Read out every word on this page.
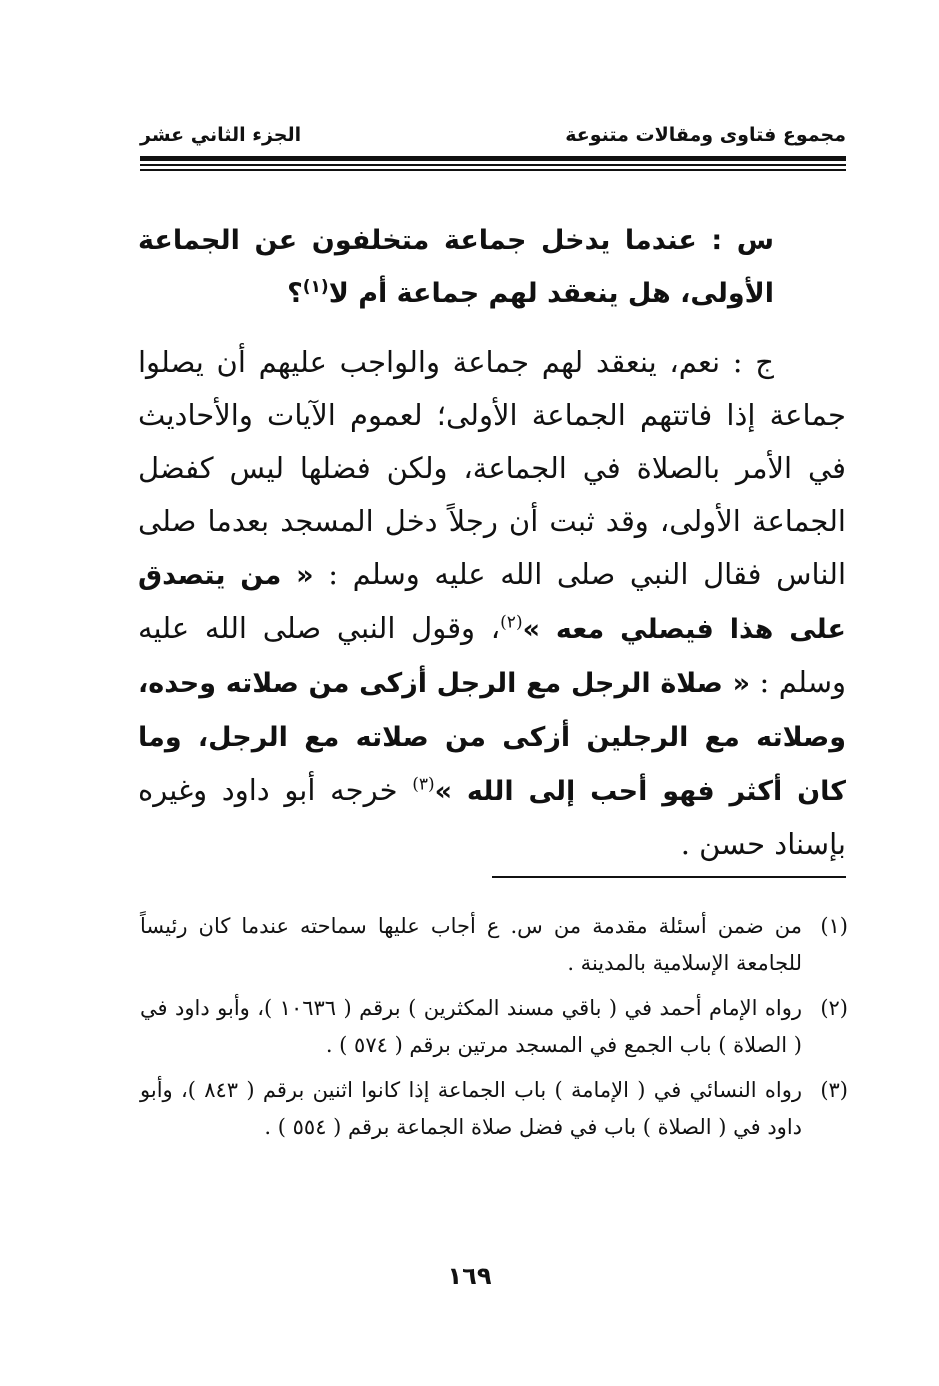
مجموع فتاوى ومقالات متنوعة
الجزء الثاني عشر

س : عندما يدخل جماعة متخلفون عن الجماعة الأولى، هل ينعقد لهم جماعة أم لا$^{(١)}$؟

ج : نعم، ينعقد لهم جماعة والواجب عليهم أن يصلوا جماعة إذا فاتتهم الجماعة الأولى؛ لعموم الآيات والأحاديث في الأمر بالصلاة في الجماعة، ولكن فضلها ليس كفضل الجماعة الأولى، وقد ثبت أن رجلاً دخل المسجد بعدما صلى الناس فقال النبي صلى الله عليه وسلم : « من يتصدق على هذا فيصلي معه »$^{(٢)}$، وقول النبي صلى الله عليه وسلم : « صلاة الرجل مع الرجل أزكى من صلاته وحده، وصلاته مع الرجلين أزكى من صلاته مع الرجل، وما كان أكثر فهو أحب إلى الله »$^{(٣)}$ خرجه أبو داود وغيره بإسناد حسن .

(١)
من ضمن أسئلة مقدمة من س. ع أجاب عليها سماحته عندما كان رئيساً للجامعة الإسلامية بالمدينة .
(٢)
رواه الإمام أحمد في ( باقي مسند المكثرين ) برقم ( ١٠٦٣٦ )، وأبو داود في ( الصلاة ) باب الجمع في المسجد مرتين برقم ( ٥٧٤ ) .
(٣)
رواه النسائي في ( الإمامة ) باب الجماعة إذا كانوا اثنين برقم ( ٨٤٣ )، وأبو داود في ( الصلاة ) باب في فضل صلاة الجماعة برقم ( ٥٥٤ ) .
١٦٩
